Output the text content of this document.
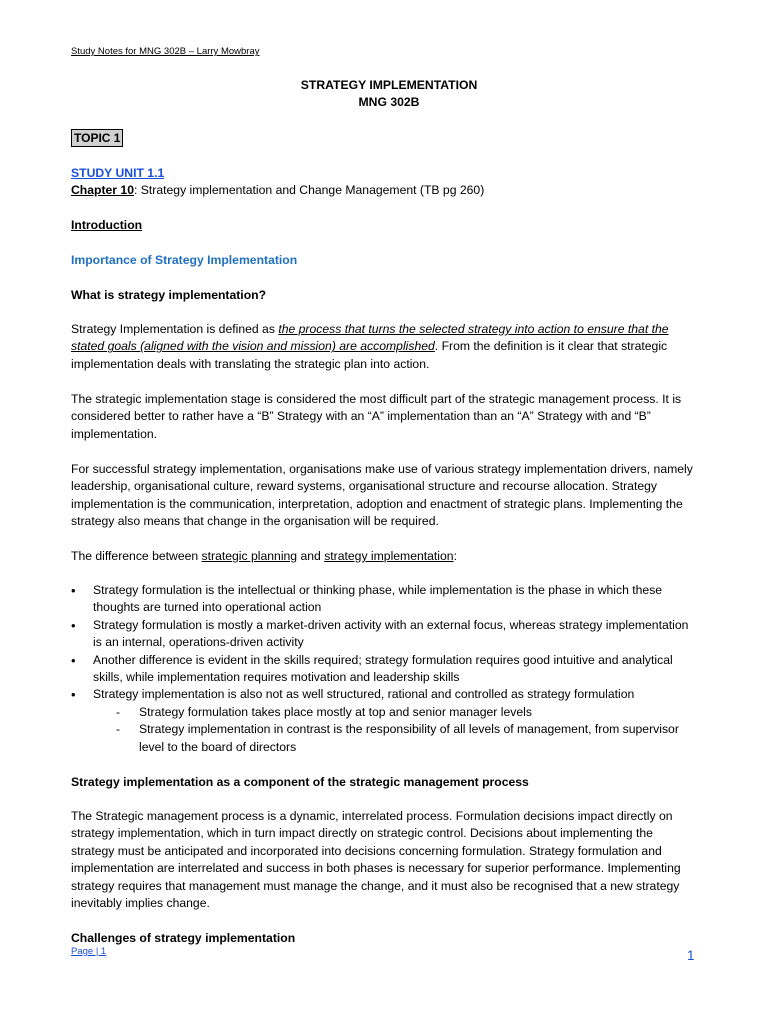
Study Notes for MNG 302B – Larry Mowbray
STRATEGY IMPLEMENTATION
MNG 302B
TOPIC 1
STUDY UNIT 1.1
Chapter 10: Strategy implementation and Change Management (TB pg 260)
Introduction
Importance of Strategy Implementation
What is strategy implementation?
Strategy Implementation is defined as the process that turns the selected strategy into action to ensure that the stated goals (aligned with the vision and mission) are accomplished. From the definition is it clear that strategic implementation deals with translating the strategic plan into action.
The strategic implementation stage is considered the most difficult part of the strategic management process. It is considered better to rather have a “B” Strategy with an “A” implementation than an “A” Strategy with and “B” implementation.
For successful strategy implementation, organisations make use of various strategy implementation drivers, namely leadership, organisational culture, reward systems, organisational structure and recourse allocation. Strategy implementation is the communication, interpretation, adoption and enactment of strategic plans. Implementing the strategy also means that change in the organisation will be required.
The difference between strategic planning and strategy implementation:
• Strategy formulation is the intellectual or thinking phase, while implementation is the phase in which these thoughts are turned into operational action
• Strategy formulation is mostly a market-driven activity with an external focus, whereas strategy implementation is an internal, operations-driven activity
• Another difference is evident in the skills required; strategy formulation requires good intuitive and analytical skills, while implementation requires motivation and leadership skills
• Strategy implementation is also not as well structured, rational and controlled as strategy formulation
- Strategy formulation takes place mostly at top and senior manager levels
- Strategy implementation in contrast is the responsibility of all levels of management, from supervisor level to the board of directors
Strategy implementation as a component of the strategic management process
The Strategic management process is a dynamic, interrelated process. Formulation decisions impact directly on strategy implementation, which in turn impact directly on strategic control. Decisions about implementing the strategy must be anticipated and incorporated into decisions concerning formulation. Strategy formulation and implementation are interrelated and success in both phases is necessary for superior performance. Implementing strategy requires that management must manage the change, and it must also be recognised that a new strategy inevitably implies change.
Challenges of strategy implementation
Page | 1	1
